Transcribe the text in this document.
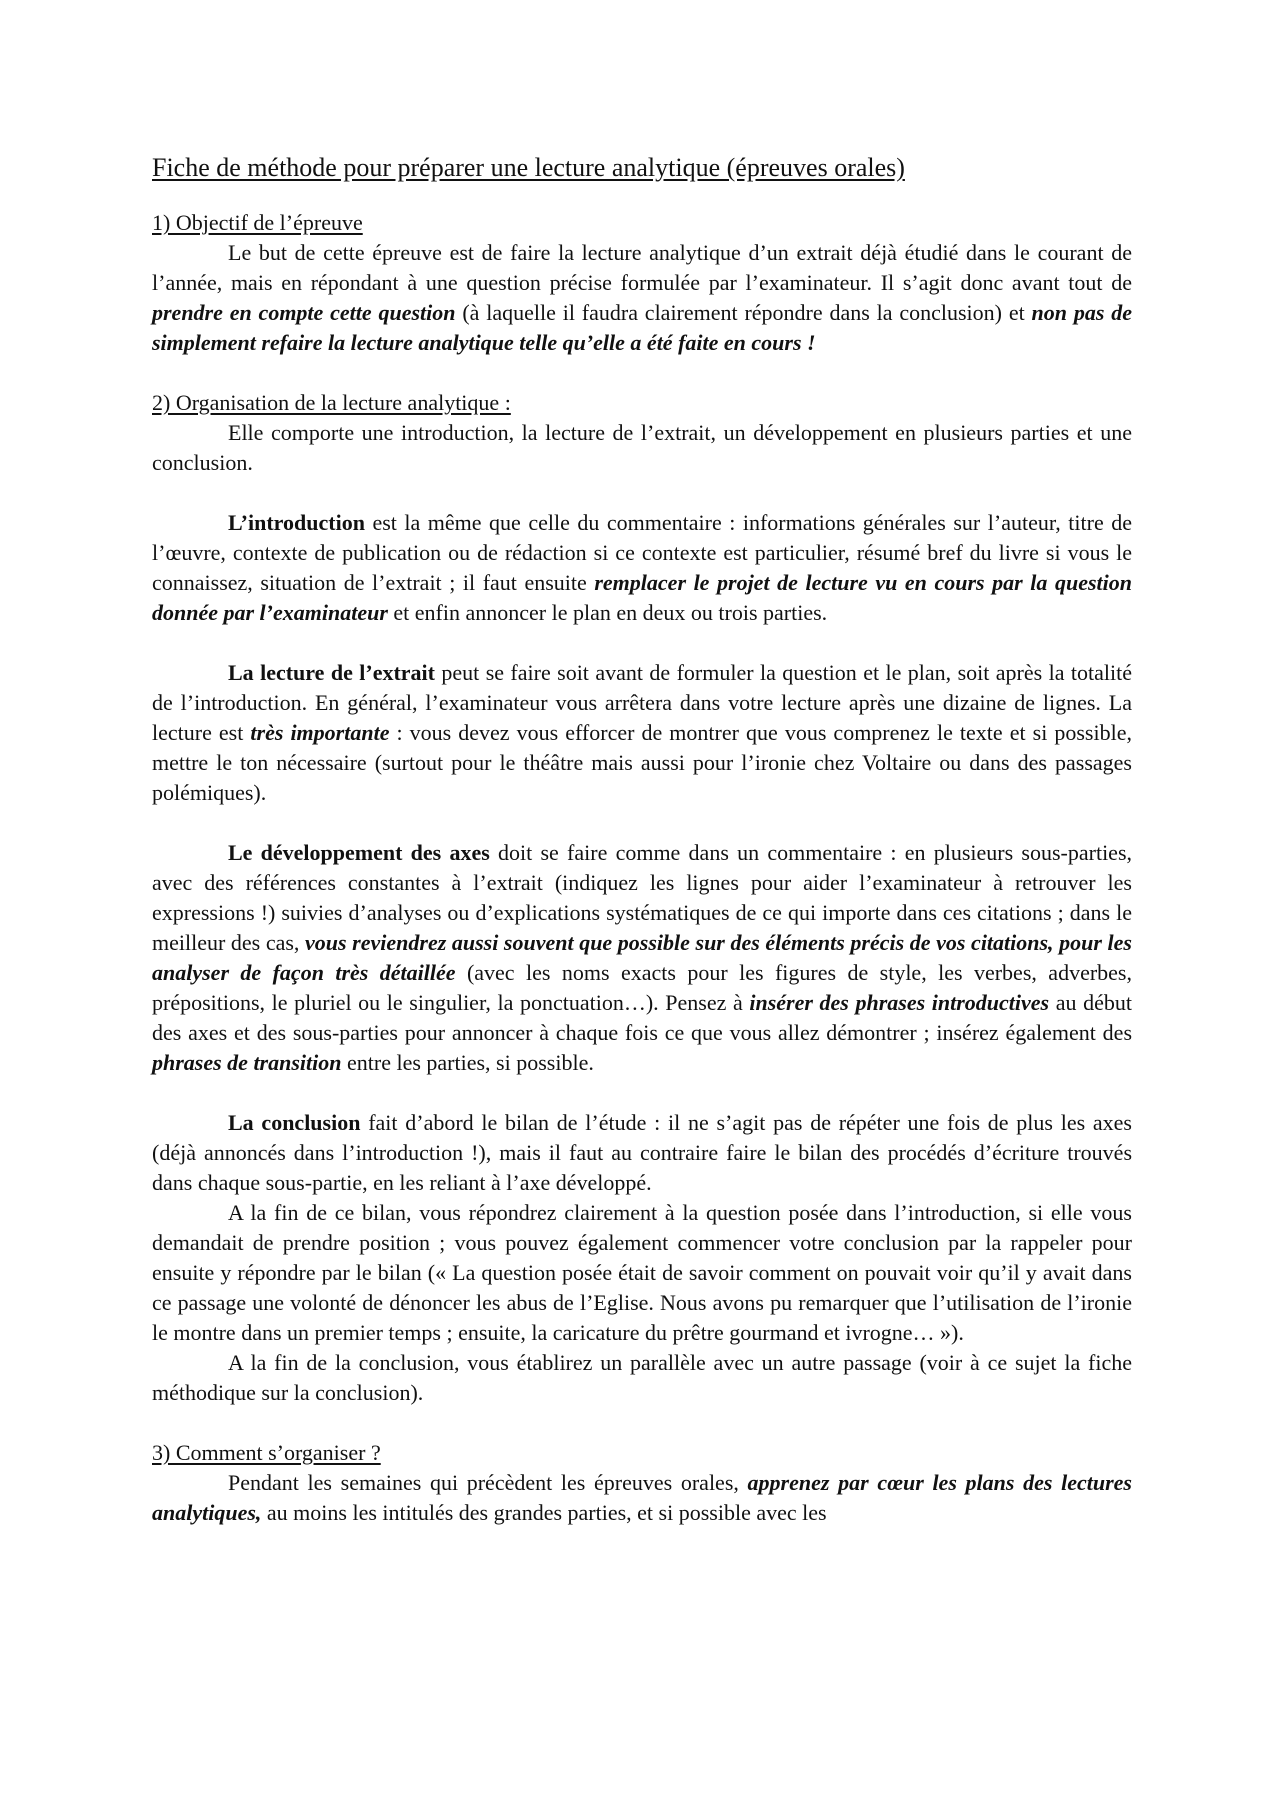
Fiche de méthode pour préparer une lecture analytique (épreuves orales)
1) Objectif de l’épreuve

Le but de cette épreuve est de faire la lecture analytique d’un extrait déjà étudié dans le courant de l’année, mais en répondant à une question précise formulée par l’examinateur. Il s’agit donc avant tout de prendre en compte cette question (à laquelle il faudra clairement répondre dans la conclusion) et non pas de simplement refaire la lecture analytique telle qu’elle a été faite en cours !

2) Organisation de la lecture analytique :

Elle comporte une introduction, la lecture de l’extrait, un développement en plusieurs parties et une conclusion.

L’introduction est la même que celle du commentaire : informations générales sur l’auteur, titre de l’œuvre, contexte de publication ou de rédaction si ce contexte est particulier, résumé bref du livre si vous le connaissez, situation de l’extrait ; il faut ensuite remplacer le projet de lecture vu en cours par la question donnée par l’examinateur et enfin annoncer le plan en deux ou trois parties.

La lecture de l’extrait peut se faire soit avant de formuler la question et le plan, soit après la totalité de l’introduction. En général, l’examinateur vous arrêtera dans votre lecture après une dizaine de lignes. La lecture est très importante : vous devez vous efforcer de montrer que vous comprenez le texte et si possible, mettre le ton nécessaire (surtout pour le théâtre mais aussi pour l’ironie chez Voltaire ou dans des passages polémiques).

Le développement des axes doit se faire comme dans un commentaire : en plusieurs sous-parties, avec des références constantes à l’extrait (indiquez les lignes pour aider l’examinateur à retrouver les expressions !) suivies d’analyses ou d’explications systématiques de ce qui importe dans ces citations ; dans le meilleur des cas, vous reviendrez aussi souvent que possible sur des éléments précis de vos citations, pour les analyser de façon très détaillée (avec les noms exacts pour les figures de style, les verbes, adverbes, prépositions, le pluriel ou le singulier, la ponctuation…). Pensez à insérer des phrases introductives au début des axes et des sous-parties pour annoncer à chaque fois ce que vous allez démontrer ; insérez également des phrases de transition entre les parties, si possible.

La conclusion fait d’abord le bilan de l’étude : il ne s’agit pas de répéter une fois de plus les axes (déjà annoncés dans l’introduction !), mais il faut au contraire faire le bilan des procédés d’écriture trouvés dans chaque sous-partie, en les reliant à l’axe développé.

A la fin de ce bilan, vous répondrez clairement à la question posée dans l’introduction, si elle vous demandait de prendre position ; vous pouvez également commencer votre conclusion par la rappeler pour ensuite y répondre par le bilan (« La question posée était de savoir comment on pouvait voir qu’il y avait dans ce passage une volonté de dénoncer les abus de l’Eglise. Nous avons pu remarquer que l’utilisation de l’ironie le montre dans un premier temps ; ensuite, la caricature du prêtre gourmand et ivrogne… »).

A la fin de la conclusion, vous établirez un parallèle avec un autre passage (voir à ce sujet la fiche méthodique sur la conclusion).

3) Comment s’organiser ?

Pendant les semaines qui précèdent les épreuves orales, apprenez par cœur les plans des lectures analytiques, au moins les intitulés des grandes parties, et si possible avec les
